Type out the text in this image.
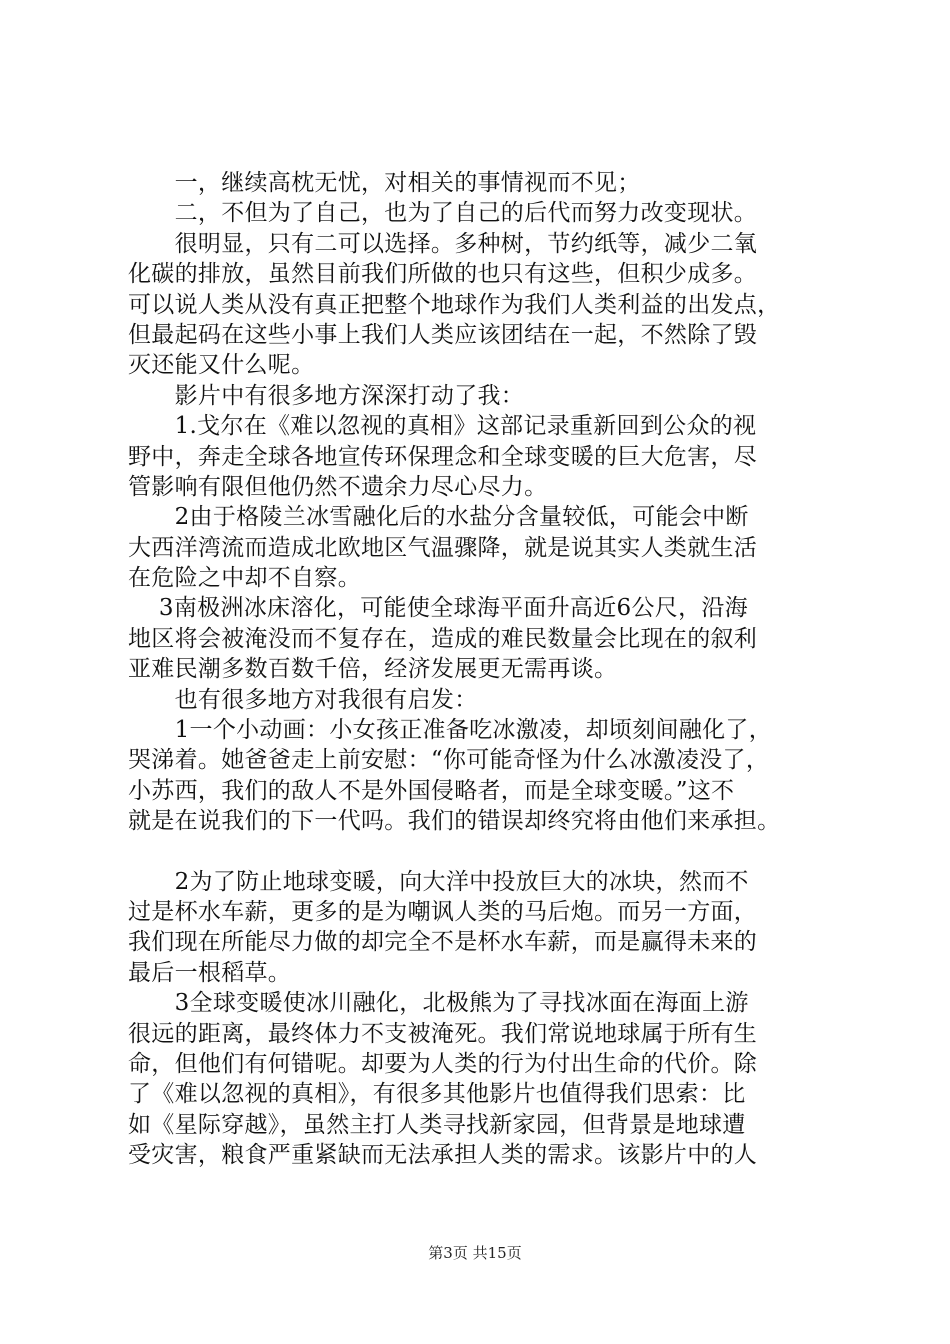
　　一，继续高枕无忧，对相关的事情视而不见；
　　二，不但为了自己，也为了自己的后代而努力改变现状。
　　很明显，只有二可以选择。多种树，节约纸等，减少二氧
化碳的排放，虽然目前我们所做的也只有这些，但积少成多。
可以说人类从没有真正把整个地球作为我们人类利益的出发点，
但最起码在这些小事上我们人类应该团结在一起，不然除了毁
灭还能又什么呢。
　　影片中有很多地方深深打动了我：
　　1.戈尔在《难以忽视的真相》这部记录重新回到公众的视
野中，奔走全球各地宣传环保理念和全球变暖的巨大危害，尽
管影响有限但他仍然不遗余力尽心尽力。
　　2由于格陵兰冰雪融化后的水盐分含量较低，可能会中断
大西洋湾流而造成北欧地区气温骤降，就是说其实人类就生活
在危险之中却不自察。
　 3南极洲冰床溶化，可能使全球海平面升高近6公尺，沿海
地区将会被淹没而不复存在，造成的难民数量会比现在的叙利
亚难民潮多数百数千倍，经济发展更无需再谈。
　　也有很多地方对我很有启发：
　　1一个小动画：小女孩正准备吃冰激凌，却顷刻间融化了，
哭涕着。她爸爸走上前安慰：“你可能奇怪为什么冰激凌没了，
小苏西，我们的敌人不是外国侵略者，而是全球变暖。”这不
就是在说我们的下一代吗。我们的错误却终究将由他们来承担。
　　2为了防止地球变暖，向大洋中投放巨大的冰块，然而不
过是杯水车薪，更多的是为嘲讽人类的马后炮。而另一方面，
我们现在所能尽力做的却完全不是杯水车薪，而是赢得未来的
最后一根稻草。
　　3全球变暖使冰川融化，北极熊为了寻找冰面在海面上游
很远的距离，最终体力不支被淹死。我们常说地球属于所有生
命，但他们有何错呢。却要为人类的行为付出生命的代价。除
了《难以忽视的真相》，有很多其他影片也值得我们思索：比
如《星际穿越》，虽然主打人类寻找新家园，但背景是地球遭
受灾害，粮食严重紧缺而无法承担人类的需求。该影片中的人
第3页 共15页
